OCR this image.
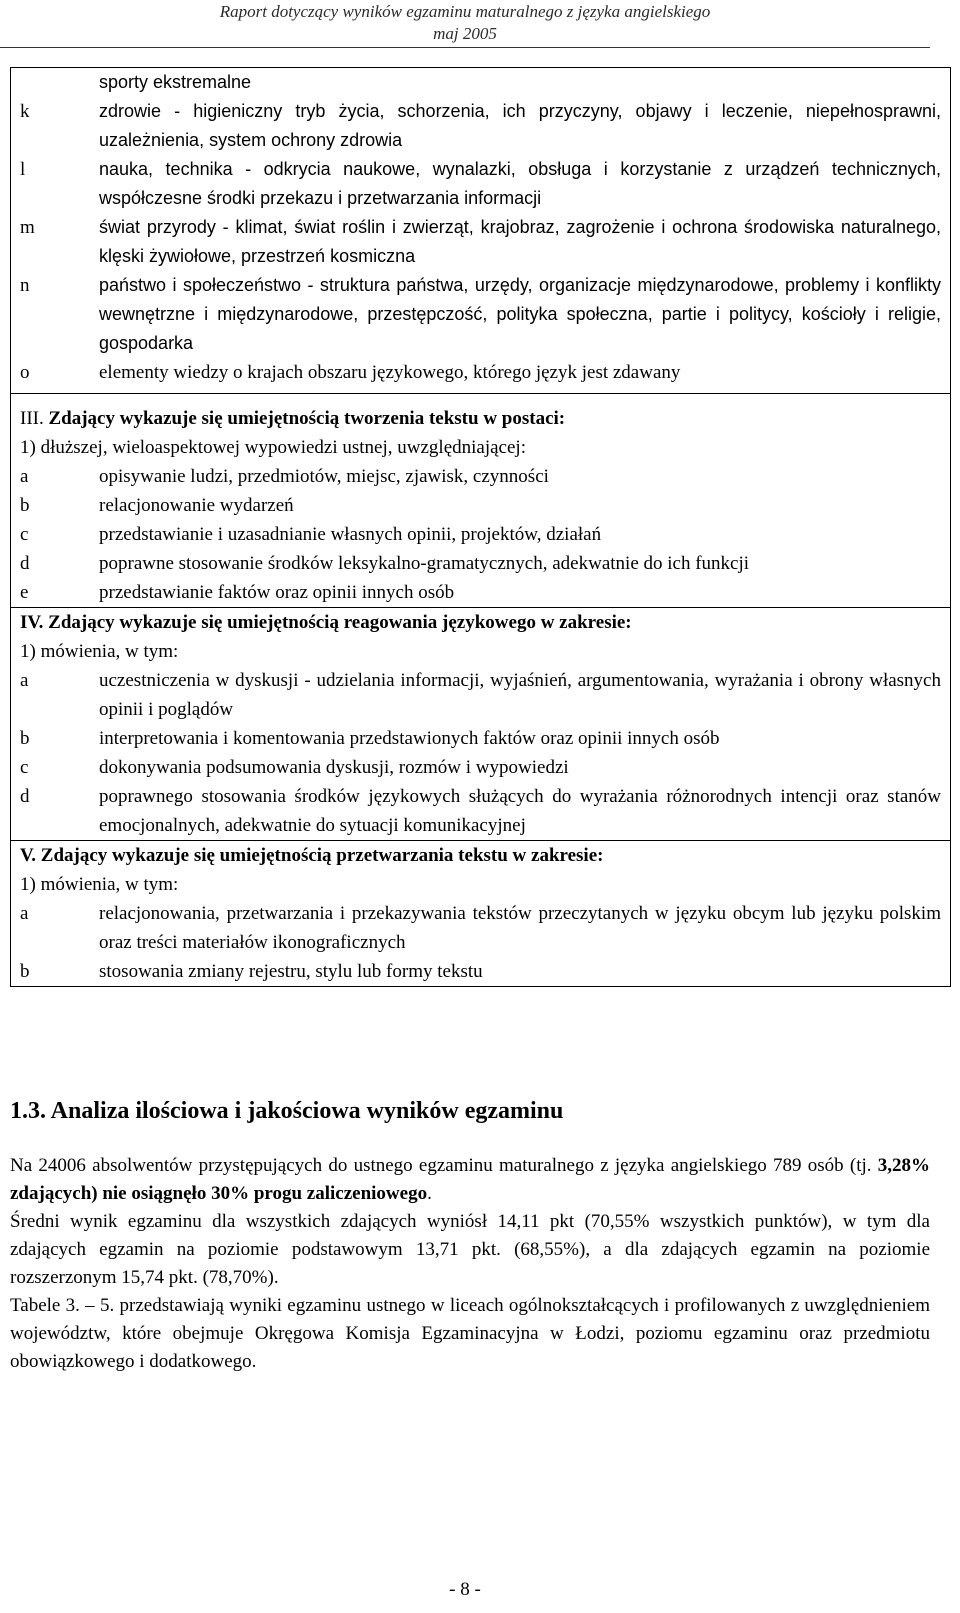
Raport dotyczący wyników egzaminu maturalnego z języka angielskiego
maj 2005
sporty ekstremalne
k	zdrowie - higieniczny tryb życia, schorzenia, ich przyczyny, objawy i leczenie, niepełnosprawni, uzależnienia, system ochrony zdrowia
l	nauka, technika - odkrycia naukowe, wynalazki, obsługa i korzystanie z urządzeń technicznych, współczesne środki przekazu i przetwarzania informacji
m	świat przyrody - klimat, świat roślin i zwierząt, krajobraz, zagrożenie i ochrona środowiska naturalnego, klęski żywiołowe, przestrzeń kosmiczna
n	państwo i społeczeństwo - struktura państwa, urzędy, organizacje międzynarodowe, problemy i konflikty wewnętrzne i międzynarodowe, przestępczość, polityka społeczna, partie i politycy, kościoły i religie, gospodarka
o	elementy wiedzy o krajach obszaru językowego, którego język jest zdawany
III. Zdający wykazuje się umiejętnością tworzenia tekstu w postaci:
1) dłuższej, wieloaspektowej wypowiedzi ustnej, uwzględniającej:
a	opisywanie ludzi, przedmiotów, miejsc, zjawisk, czynności
b	relacjonowanie wydarzeń
c	przedstawianie i uzasadnianie własnych opinii, projektów, działań
d	poprawne stosowanie środków leksykalno-gramatycznych, adekwatnie do ich funkcji
e	przedstawianie faktów oraz opinii innych osób
IV. Zdający wykazuje się umiejętnością reagowania językowego w zakresie:
1) mówienia, w tym:
a	uczestniczenia w dyskusji - udzielania informacji, wyjaśnień, argumentowania, wyrażania i obrony własnych opinii i poglądów
b	interpretowania i komentowania przedstawionych faktów oraz opinii innych osób
c	dokonywania podsumowania dyskusji, rozmów i wypowiedzi
d	poprawnego stosowania środków językowych służących do wyrażania różnorodnych intencji oraz stanów emocjonalnych, adekwatnie do sytuacji komunikacyjnej
V. Zdający wykazuje się umiejętnością przetwarzania tekstu w zakresie:
1) mówienia, w tym:
a	relacjonowania, przetwarzania i przekazywania tekstów przeczytanych w języku obcym lub języku polskim oraz treści materiałów ikonograficznych
b	stosowania zmiany rejestru, stylu lub formy tekstu
1.3. Analiza ilościowa i jakościowa wyników egzaminu

Na 24006 absolwentów przystępujących do ustnego egzaminu maturalnego z języka angielskiego 789 osób (tj. 3,28% zdających) nie osiągnęło 30% progu zaliczeniowego.

Średni wynik egzaminu dla wszystkich zdających wyniósł 14,11 pkt (70,55% wszystkich punktów), w tym dla zdających egzamin na poziomie podstawowym 13,71 pkt. (68,55%), a dla zdających egzamin na poziomie rozszerzonym 15,74 pkt. (78,70%).

Tabele 3. – 5. przedstawiają wyniki egzaminu ustnego w liceach ogólnokształcących i profilowanych z uwzględnieniem województw, które obejmuje Okręgowa Komisja Egzaminacyjna w Łodzi, poziomu egzaminu oraz przedmiotu obowiązkowego i dodatkowego.

- 8 -
